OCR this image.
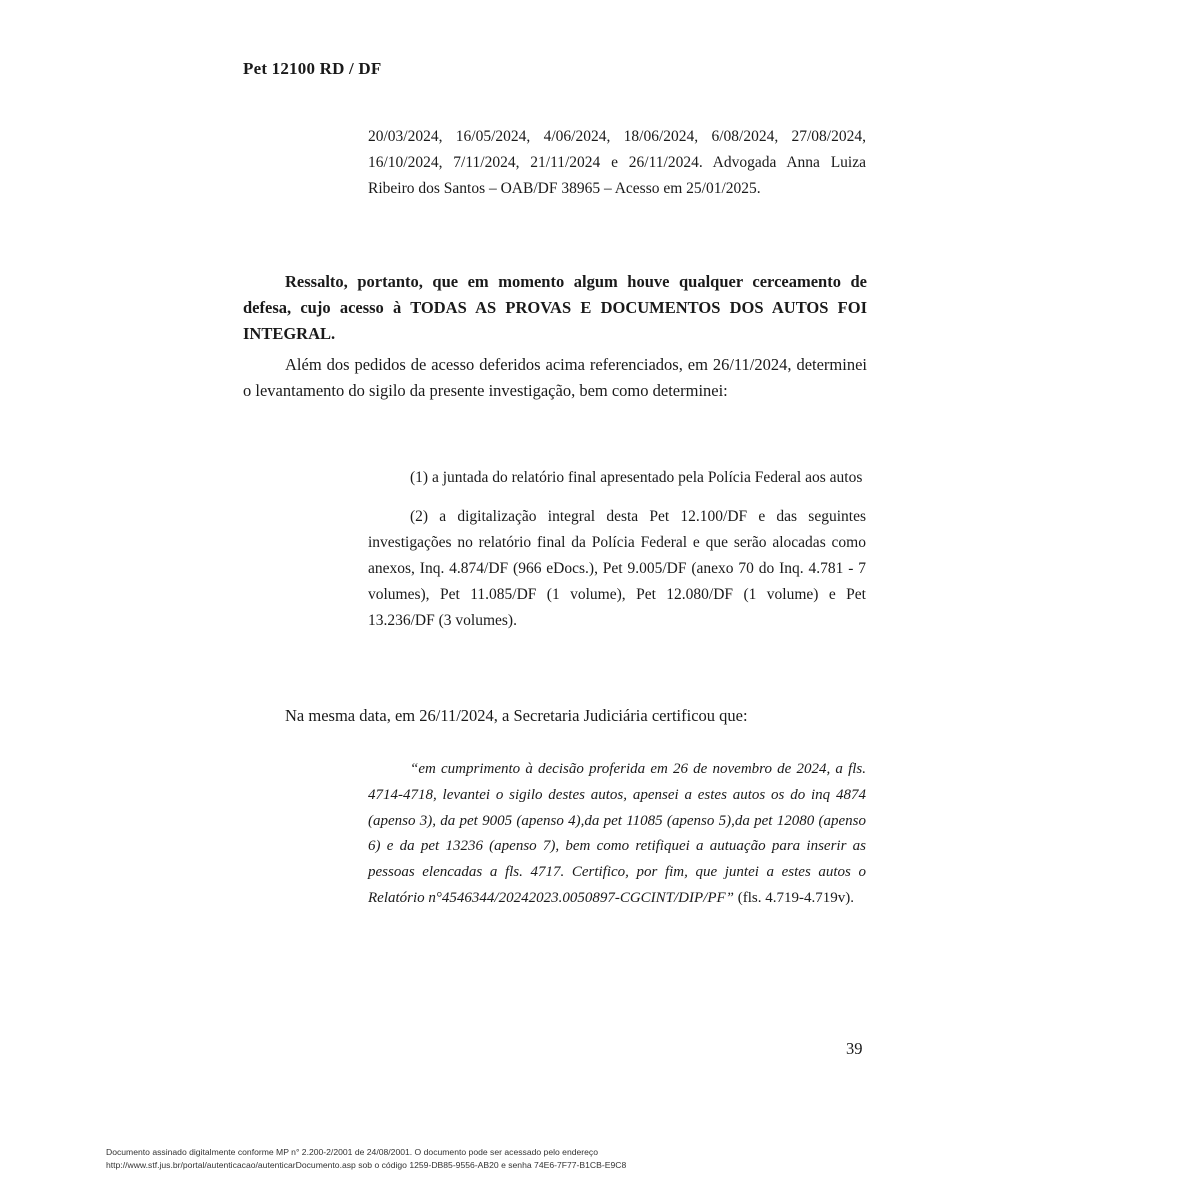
Pet 12100 RD / DF

20/03/2024, 16/05/2024, 4/06/2024, 18/06/2024, 6/08/2024, 27/08/2024, 16/10/2024, 7/11/2024, 21/11/2024 e 26/11/2024. Advogada Anna Luiza Ribeiro dos Santos – OAB/DF 38965 – Acesso em 25/01/2025.

Ressalto, portanto, que em momento algum houve qualquer cerceamento de defesa, cujo acesso à TODAS AS PROVAS E DOCUMENTOS DOS AUTOS FOI INTEGRAL.

Além dos pedidos de acesso deferidos acima referenciados, em 26/11/2024, determinei o levantamento do sigilo da presente investigação, bem como determinei:

(1) a juntada do relatório final apresentado pela Polícia Federal aos autos

(2) a digitalização integral desta Pet 12.100/DF e das seguintes investigações no relatório final da Polícia Federal e que serão alocadas como anexos, Inq. 4.874/DF (966 eDocs.), Pet 9.005/DF (anexo 70 do Inq. 4.781 - 7 volumes), Pet 11.085/DF (1 volume), Pet 12.080/DF (1 volume) e Pet 13.236/DF (3 volumes).

Na mesma data, em 26/11/2024, a Secretaria Judiciária certificou que:

“em cumprimento à decisão proferida em 26 de novembro de 2024, a fls. 4714-4718, levantei o sigilo destes autos, apensei a estes autos os do inq 4874 (apenso 3), da pet 9005 (apenso 4),da pet 11085 (apenso 5),da pet 12080 (apenso 6) e da pet 13236 (apenso 7), bem como retifiquei a autuação para inserir as pessoas elencadas a fls. 4717. Certifico, por fim, que juntei a estes autos o Relatório n°4546344/20242023.0050897-CGCINT/DIP/PF” (fls. 4.719-4.719v).

39
Documento assinado digitalmente conforme MP n° 2.200-2/2001 de 24/08/2001. O documento pode ser acessado pelo endereço
http://www.stf.jus.br/portal/autenticacao/autenticarDocumento.asp sob o código 1259-DB85-9556-AB20 e senha 74E6-7F77-B1CB-E9C8
